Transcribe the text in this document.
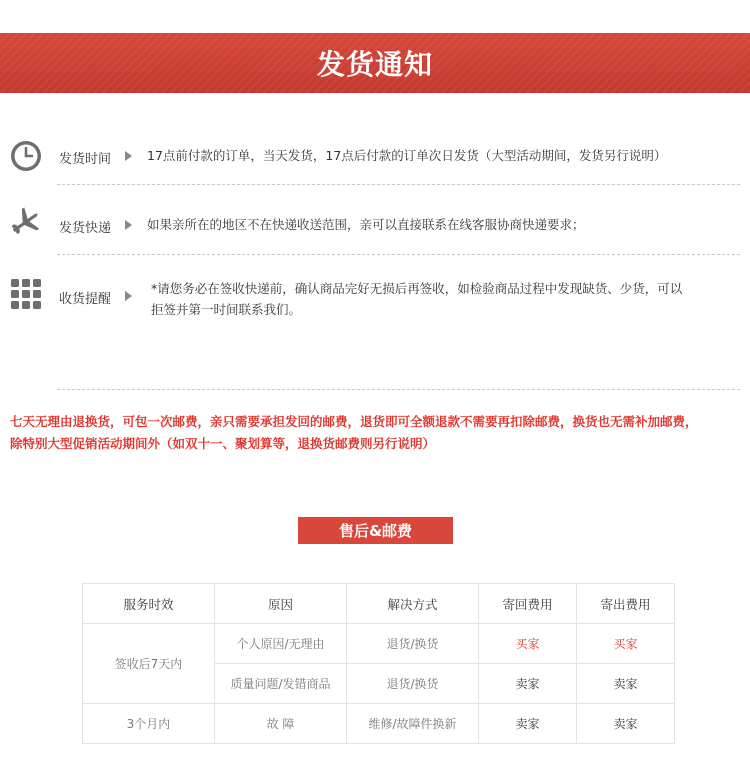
发货通知
发货时间	17点前付款的订单，当天发货，17点后付款的订单次日发货（大型活动期间，发货另行说明）
发货快递	如果亲所在的地区不在快递收送范围，亲可以直接联系在线客服协商快递要求；
收货提醒
*请您务必在签收快递前，确认商品完好无损后再签收，如检验商品过程中发现缺货、少货，可以
拒签并第一时间联系我们。
七天无理由退换货，可包一次邮费，亲只需要承担发回的邮费，退货即可全额退款不需要再扣除邮费，换货也无需补加邮费，
除特别大型促销活动期间外（如双十一、聚划算等，退换货邮费则另行说明）
售后&邮费
服务时效	原因	解决方式	寄回费用	寄出费用
签收后7天内	个人原因/无理由	退货/换货	买家	买家
	质量问题/发错商品	退货/换货	卖家	卖家
3个月内	故 障	维修/故障件换新	卖家	卖家
